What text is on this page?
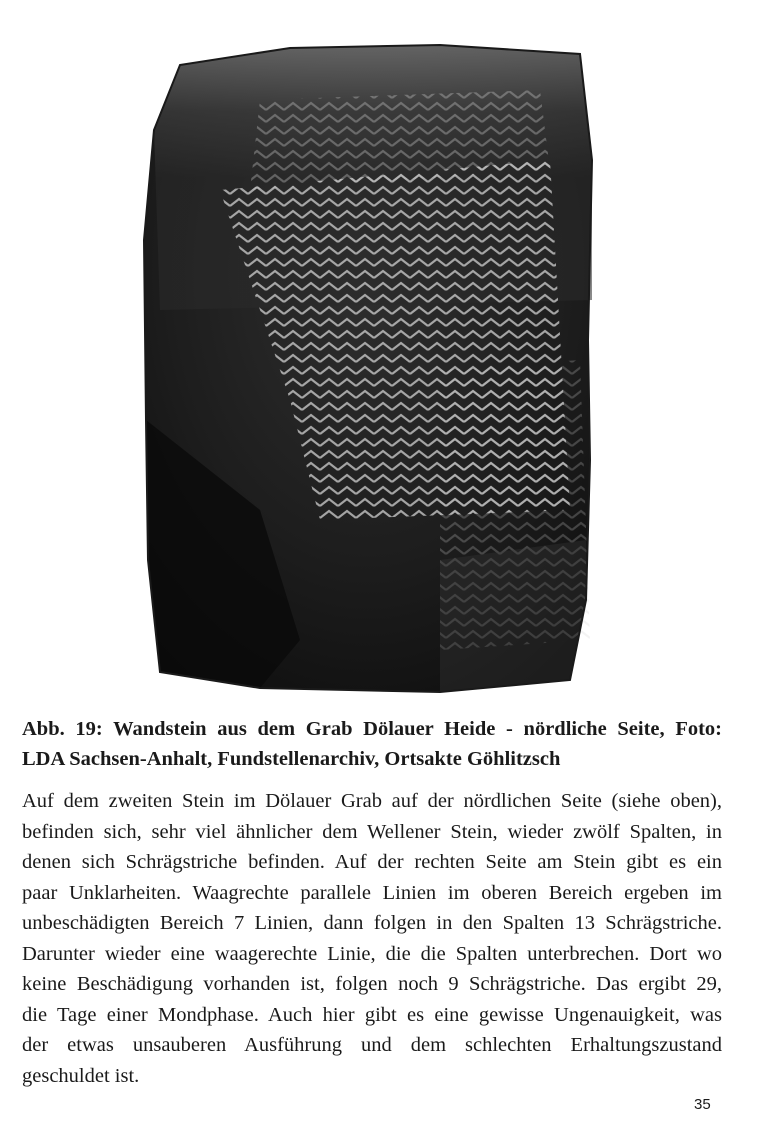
Abb. 19: Wandstein aus dem Grab Dölauer Heide - nördliche Seite, Foto:
LDA Sachsen-Anhalt, Fundstellenarchiv, Ortsakte Göhlitzsch
Auf dem zweiten Stein im Dölauer Grab auf der nördlichen Seite (siehe oben),
befinden sich, sehr viel ähnlicher dem Wellener Stein, wieder zwölf Spalten, in
denen sich Schrägstriche befinden. Auf der rechten Seite am Stein gibt es ein
paar Unklarheiten. Waagrechte parallele Linien im oberen Bereich ergeben im
unbeschädigten Bereich 7 Linien, dann folgen in den Spalten 13 Schrägstriche.
Darunter wieder eine waagerechte Linie, die die Spalten unterbrechen. Dort wo
keine Beschädigung vorhanden ist, folgen noch 9 Schrägstriche. Das ergibt 29,
die Tage einer Mondphase. Auch hier gibt es eine gewisse Ungenauigkeit, was
der etwas unsauberen Ausführung und dem schlechten Erhaltungszustand
geschuldet ist.
35
